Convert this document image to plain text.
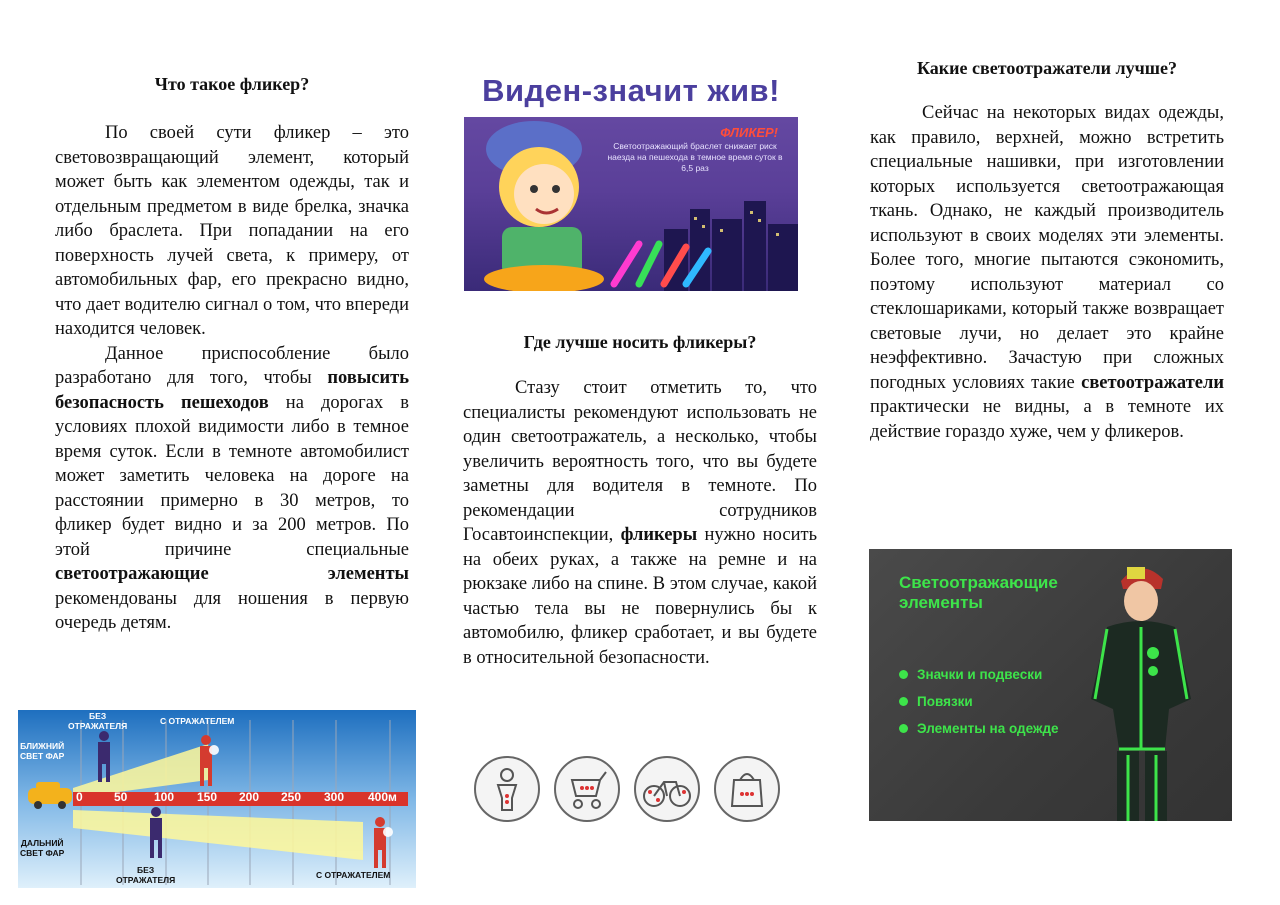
Что такое фликер?

По своей сути фликер – это световозвращающий элемент, который может быть как элементом одежды, так и отдельным предметом в виде брелка, значка либо браслета. При попадании на его поверхность лучей света, к примеру, от автомобильных фар, его прекрасно видно, что дает водителю сигнал о том, что впереди находится человек.

Данное приспособление было разработано для того, чтобы повысить безопасность пешеходов на дорогах в условиях плохой видимости либо в темное время суток. Если в темноте автомобилист может заметить человека на дороге на расстоянии примерно в 30 метров, то фликер будет видно и за 200 метров. По этой причине специальные светоотражающие элементы рекомендованы для ношения в первую очередь детям.

0	50 100 150 200 250 300 400м
БЕЗ
ОТРАЖАТЕЛЯ	С ОТРАЖАТЕЛЕМ
БЛИЖНИЙ
СВЕТ ФАР
ДАЛЬНИЙ
СВЕТ ФАР
БЕЗ
ОТРАЖАТЕЛЯ	С ОТРАЖАТЕЛЕМ
Виден-значит жив!
ФЛИКЕР!
Светоотражающий браслет снижает риск наезда на пешехода в темное время суток в 6,5 раз

Где лучше носить фликеры?

Стазу стоит отметить то, что специалисты рекомендуют использовать не один светоотражатель, а несколько, чтобы увеличить вероятность того, что вы будете заметны для водителя в темноте. По рекомендации сотрудников Госавтоинспекции, фликеры нужно носить на обеих руках, а также на ремне и на рюкзаке либо на спине. В этом случае, какой частью тела вы не повернулись бы к автомобилю, фликер сработает, и вы будете в относительной безопасности.

Какие светоотражатели лучше?

Сейчас на некоторых видах одежды, как правило, верхней, можно встретить специальные нашивки, при изготовлении которых используется светоотражающая ткань. Однако, не каждый производитель используют в своих моделях эти элементы. Более того, многие пытаются сэкономить, поэтому используют материал со стеклошариками, который также возвращает световые лучи, но делает это крайне неэффективно. Зачастую при сложных погодных условиях такие светоотражатели практически не видны, а в темноте их действие гораздо хуже, чем у фликеров.

Светоотражающие элементы
Значки и подвески
Повязки
Элементы на одежде
